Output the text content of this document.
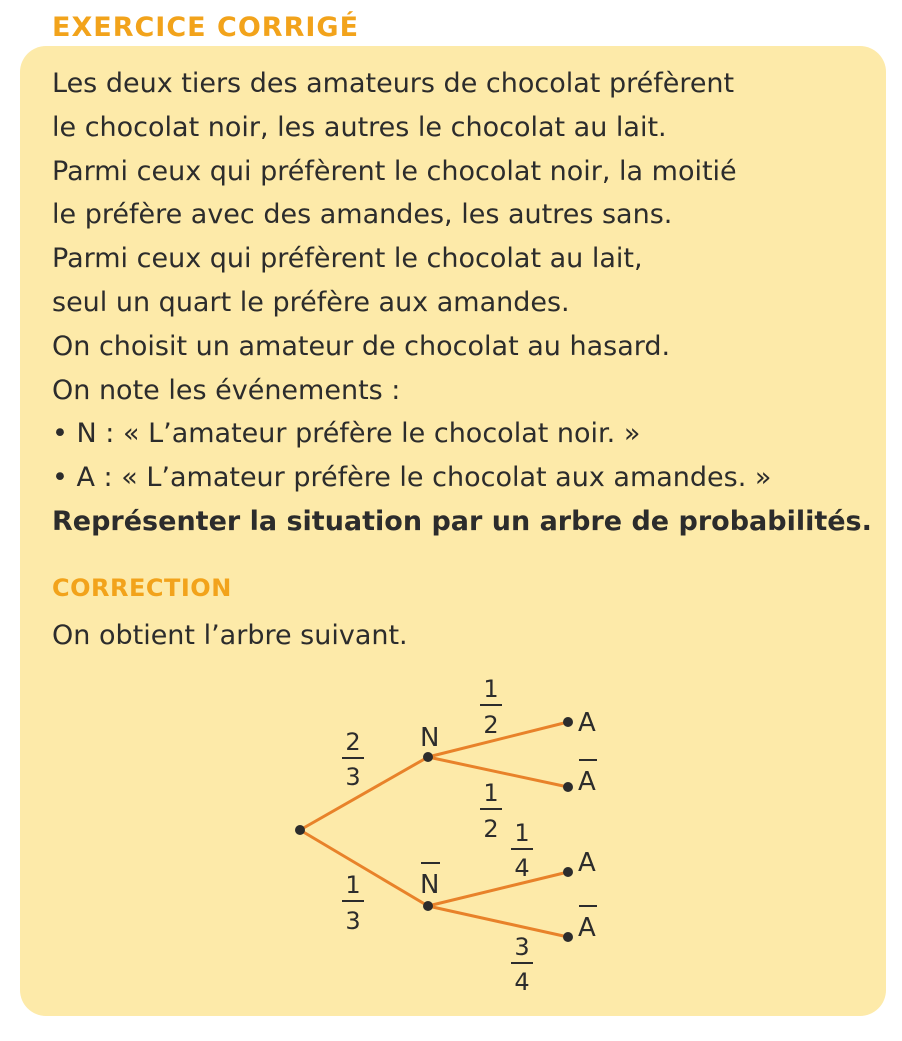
EXERCICE CORRIGÉ
Les deux tiers des amateurs de chocolat préfèrent
le chocolat noir, les autres le chocolat au lait.
Parmi ceux qui préfèrent le chocolat noir, la moitié
le préfère avec des amandes, les autres sans.
Parmi ceux qui préfèrent le chocolat au lait,
seul un quart le préfère aux amandes.
On choisit un amateur de chocolat au hasard.
On note les événements :
• N : « L’amateur préfère le chocolat noir. »
• A : « L’amateur préfère le chocolat aux amandes. »
Représenter la situation par un arbre de probabilités.
CORRECTION
On obtient l’arbre suivant.
N
N
A
A
A
A
2
3
1
3
1
2
1
2 1
4
3
4
